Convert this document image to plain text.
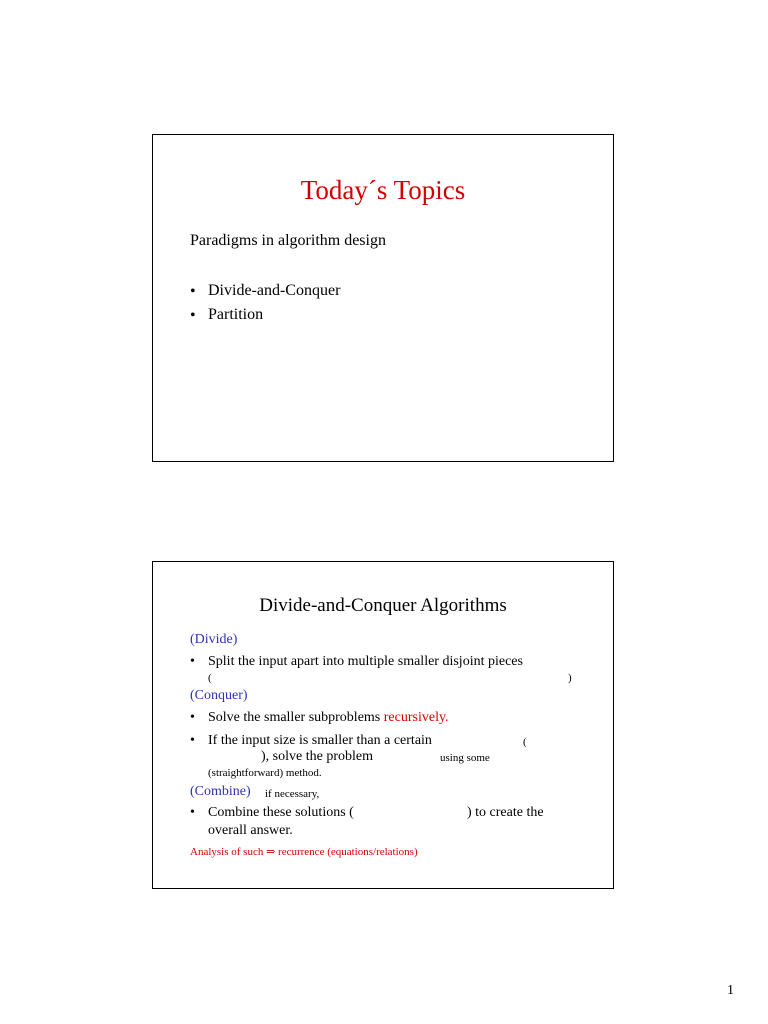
Today´s Topics
Paradigms in algorithm design
• Divide-and-Conquer
• Partition
Divide-and-Conquer Algorithms
(Divide)
• Split the input apart into multiple smaller disjoint pieces
(	)
(Conquer)
• Solve the smaller subproblems recursively.
• If the input size is smaller than a certain	(
), solve the problem	using some
(straightforward) method.
(Combine) if necessary,
• Combine these solutions (	) to create the
overall answer.
Analysis of such ⇒ recurrence (equations/relations)
1
